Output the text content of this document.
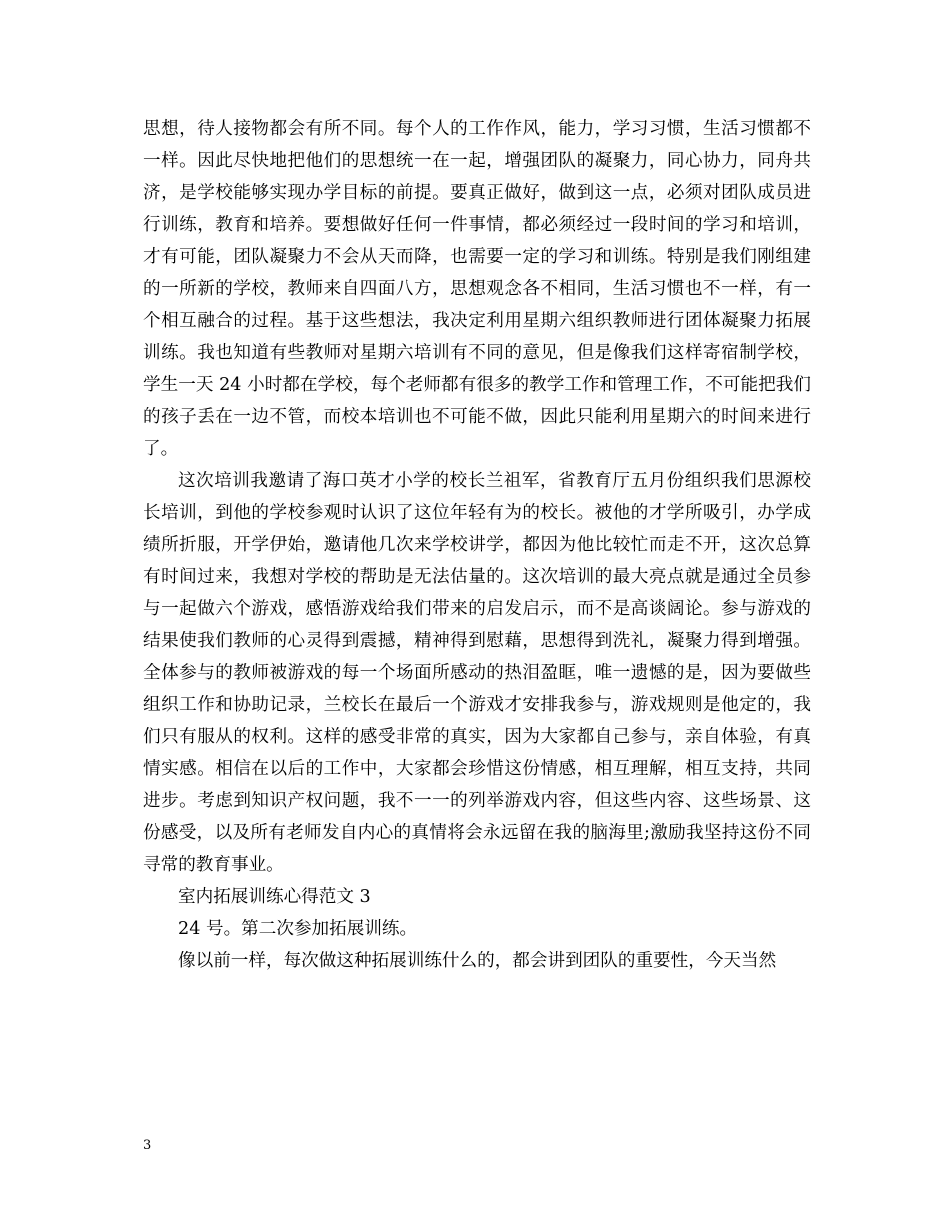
思想，待人接物都会有所不同。每个人的工作作风，能力，学习习惯，生活习惯都不一样。因此尽快地把他们的思想统一在一起，增强团队的凝聚力，同心协力，同舟共济，是学校能够实现办学目标的前提。要真正做好，做到这一点，必须对团队成员进行训练，教育和培养。要想做好任何一件事情，都必须经过一段时间的学习和培训，才有可能，团队凝聚力不会从天而降，也需要一定的学习和训练。特别是我们刚组建的一所新的学校，教师来自四面八方，思想观念各不相同，生活习惯也不一样，有一个相互融合的过程。基于这些想法，我决定利用星期六组织教师进行团体凝聚力拓展训练。我也知道有些教师对星期六培训有不同的意见，但是像我们这样寄宿制学校，学生一天 24 小时都在学校，每个老师都有很多的教学工作和管理工作，不可能把我们的孩子丢在一边不管，而校本培训也不可能不做，因此只能利用星期六的时间来进行了。

这次培训我邀请了海口英才小学的校长兰祖军，省教育厅五月份组织我们思源校长培训，到他的学校参观时认识了这位年轻有为的校长。被他的才学所吸引，办学成绩所折服，开学伊始，邀请他几次来学校讲学，都因为他比较忙而走不开，这次总算有时间过来，我想对学校的帮助是无法估量的。这次培训的最大亮点就是通过全员参与一起做六个游戏，感悟游戏给我们带来的启发启示，而不是高谈阔论。参与游戏的结果使我们教师的心灵得到震撼，精神得到慰藉，思想得到洗礼，凝聚力得到增强。全体参与的教师被游戏的每一个场面所感动的热泪盈眶，唯一遗憾的是，因为要做些组织工作和协助记录，兰校长在最后一个游戏才安排我参与，游戏规则是他定的，我们只有服从的权利。这样的感受非常的真实，因为大家都自己参与，亲自体验，有真情实感。相信在以后的工作中，大家都会珍惜这份情感，相互理解，相互支持，共同进步。考虑到知识产权问题，我不一一的列举游戏内容，但这些内容、这些场景、这份感受，以及所有老师发自内心的真情将会永远留在我的脑海里;激励我坚持这份不同寻常的教育事业。

室内拓展训练心得范文 3

24 号。第二次参加拓展训练。

像以前一样，每次做这种拓展训练什么的，都会讲到团队的重要性，今天当然

3
